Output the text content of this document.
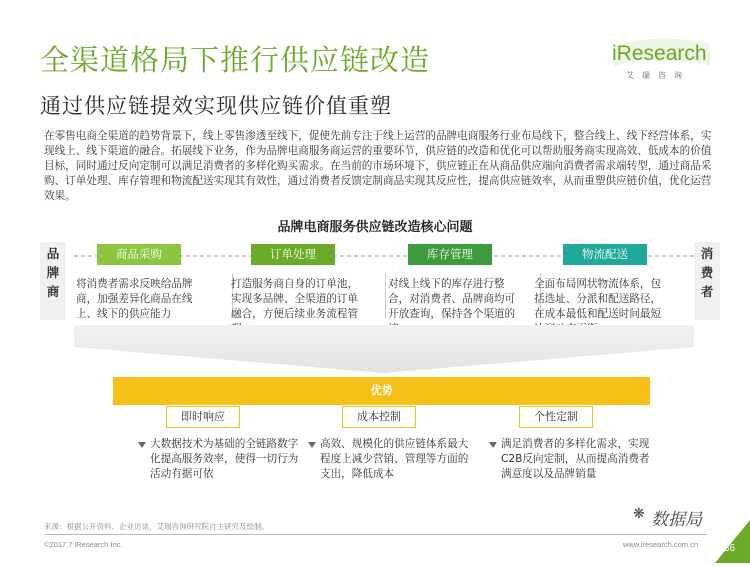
全渠道格局下推行供应链改造
通过供应链提效实现供应链价值重塑
iResearch
艾瑞咨询
在零售电商全渠道的趋势背景下，线上零售渗透至线下，促使先前专注于线上运营的品牌电商服务行业布局线下，整合线上、线下经营体系，实现线上、线下渠道的融合。拓展线下业务，作为品牌电商服务商运营的重要环节，供应链的改造和优化可以帮助服务商实现高效、低成本的价值目标，同时通过反向定制可以满足消费者的多样化购买需求。在当前的市场环境下，供应链正在从商品供应端向消费者需求端转型，通过商品采购、订单处理、库存管理和物流配送实现其有效性，通过消费者反馈定制商品实现其反应性，提高供应链效率，从而重塑供应链价值，优化运营效果。
品牌电商服务供应链改造核心问题
品牌商
消费者
商品采购	订单处理	库存管理	物流配送
将消费者需求反映给品牌商，加强差异化商品在线上、线下的供应能力
打造服务商自身的订单池，实现多品牌、全渠道的订单融合，方便后续业务流程管
对线上线下的库存进行整合，对消费者、品牌商均可开放查询，保持各个渠道的
全面布局网状物流体系，包括选址、分派和配送路径，在成本最低和配送时间最短
优势
即时响应	成本控制	个性定制
大数据技术为基础的全链路数字化提高服务效率，使得一切行为活动有据可依
高效、规模化的供应链体系最大程度上减少营销、管理等方面的支出，降低成本
满足消费者的多样化需求，实现C2B反向定制，从而提高消费者满意度以及品牌销量
来源：根据公开资料、企业访谈，艾瑞咨询研究院自主研究及绘制。
©2017.7 iResearch Inc.	www.iresearch.com.cn
❋ 数据局
36
